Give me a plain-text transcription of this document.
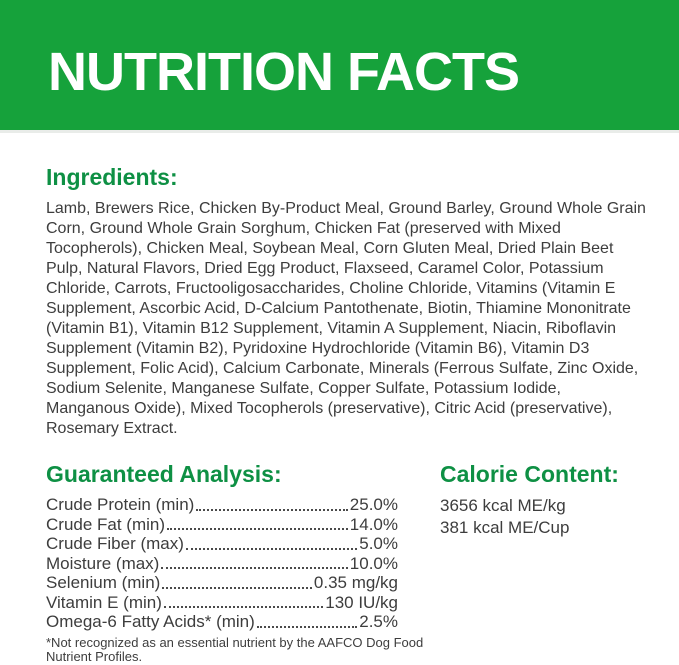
NUTRITION FACTS
Ingredients:

Lamb, Brewers Rice, Chicken By-Product Meal, Ground Barley, Ground Whole Grain Corn, Ground Whole Grain Sorghum, Chicken Fat (preserved with Mixed Tocopherols), Chicken Meal, Soybean Meal, Corn Gluten Meal, Dried Plain Beet Pulp, Natural Flavors, Dried Egg Product, Flaxseed, Caramel Color, Potassium Chloride, Carrots, Fructooligosaccharides, Choline Chloride, Vitamins (Vitamin E Supplement, Ascorbic Acid, D-Calcium Pantothenate, Biotin, Thiamine Mononitrate (Vitamin B1), Vitamin B12 Supplement, Vitamin A Supplement, Niacin, Riboflavin Supplement (Vitamin B2), Pyridoxine Hydrochloride (Vitamin B6), Vitamin D3 Supplement, Folic Acid), Calcium Carbonate, Minerals (Ferrous Sulfate, Zinc Oxide, Sodium Selenite, Manganese Sulfate, Copper Sulfate, Potassium Iodide, Manganous Oxide), Mixed Tocopherols (preservative), Citric Acid (preservative), Rosemary Extract.

Guaranteed Analysis:
Crude Protein (min)	25.0%
Crude Fat (min)	14.0%
Crude Fiber (max)	5.0%
Moisture (max)	10.0%
Selenium (min)	0.35 mg/kg
Vitamin E (min)	130 IU/kg
Omega-6 Fatty Acids* (min)	2.5%

*Not recognized as an essential nutrient by the AAFCO Dog Food Nutrient Profiles.

Calorie Content:
3656 kcal ME/kg
381 kcal ME/Cup
